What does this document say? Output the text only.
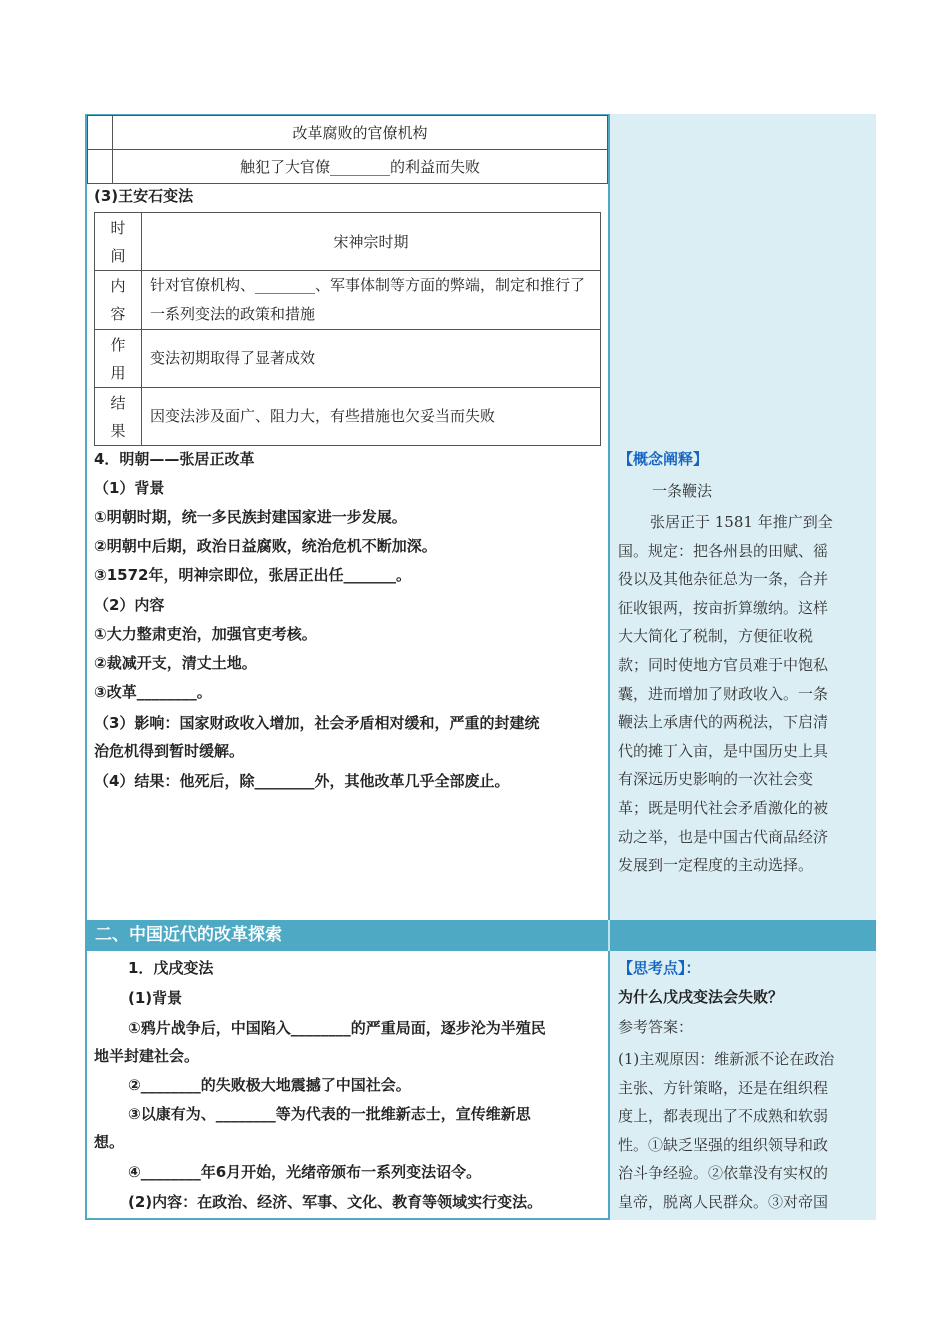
	改革腐败的官僚机构
	触犯了大官僚________的利益而失败
(3)王安石变法
时
间	宋神宗时期
内
容	针对官僚机构、________、军事体制等方面的弊端，制定和推行了一系列变法的政策和措施
作
用	变法初期取得了显著成效
结
果	因变法涉及面广、阻力大，有些措施也欠妥当而失败
4．明朝——张居正改革
（1）背景
①明朝时期，统一多民族封建国家进一步发展。
②明朝中后期，政治日益腐败，统治危机不断加深。
③1572年，明神宗即位，张居正出任_______。
（2）内容
①大力整肃吏治，加强官吏考核。
②裁减开支，清丈土地。
③改革________。
（3）影响：国家财政收入增加，社会矛盾相对缓和，严重的封建统
治危机得到暂时缓解。
（4）结果：他死后，除________外，其他改革几乎全部废止。
【概念阐释】
一条鞭法
张居正于 1581 年推广到全
国。规定：把各州县的田赋、徭
役以及其他杂征总为一条，合并
征收银两，按亩折算缴纳。这样
大大简化了税制，方便征收税
款；同时使地方官员难于中饱私
囊，进而增加了财政收入。一条
鞭法上承唐代的两税法，下启清
代的摊丁入亩，是中国历史上具
有深远历史影响的一次社会变
革；既是明代社会矛盾激化的被
动之举，也是中国古代商品经济
发展到一定程度的主动选择。
二、中国近代的改革探索
1．戊戌变法
(1)背景
①鸦片战争后，中国陷入________的严重局面，逐步沦为半殖民
地半封建社会。
②________的失败极大地震撼了中国社会。
③以康有为、________等为代表的一批维新志士，宣传维新思
想。
④________年6月开始，光绪帝颁布一系列变法诏令。
(2)内容：在政治、经济、军事、文化、教育等领域实行变法。
【思考点】：
为什么戊戌变法会失败？
参考答案：
(1)主观原因：维新派不论在政治
主张、方针策略，还是在组织程
度上，都表现出了不成熟和软弱
性。①缺乏坚强的组织领导和政
治斗争经验。②依靠没有实权的
皇帝，脱离人民群众。③对帝国
